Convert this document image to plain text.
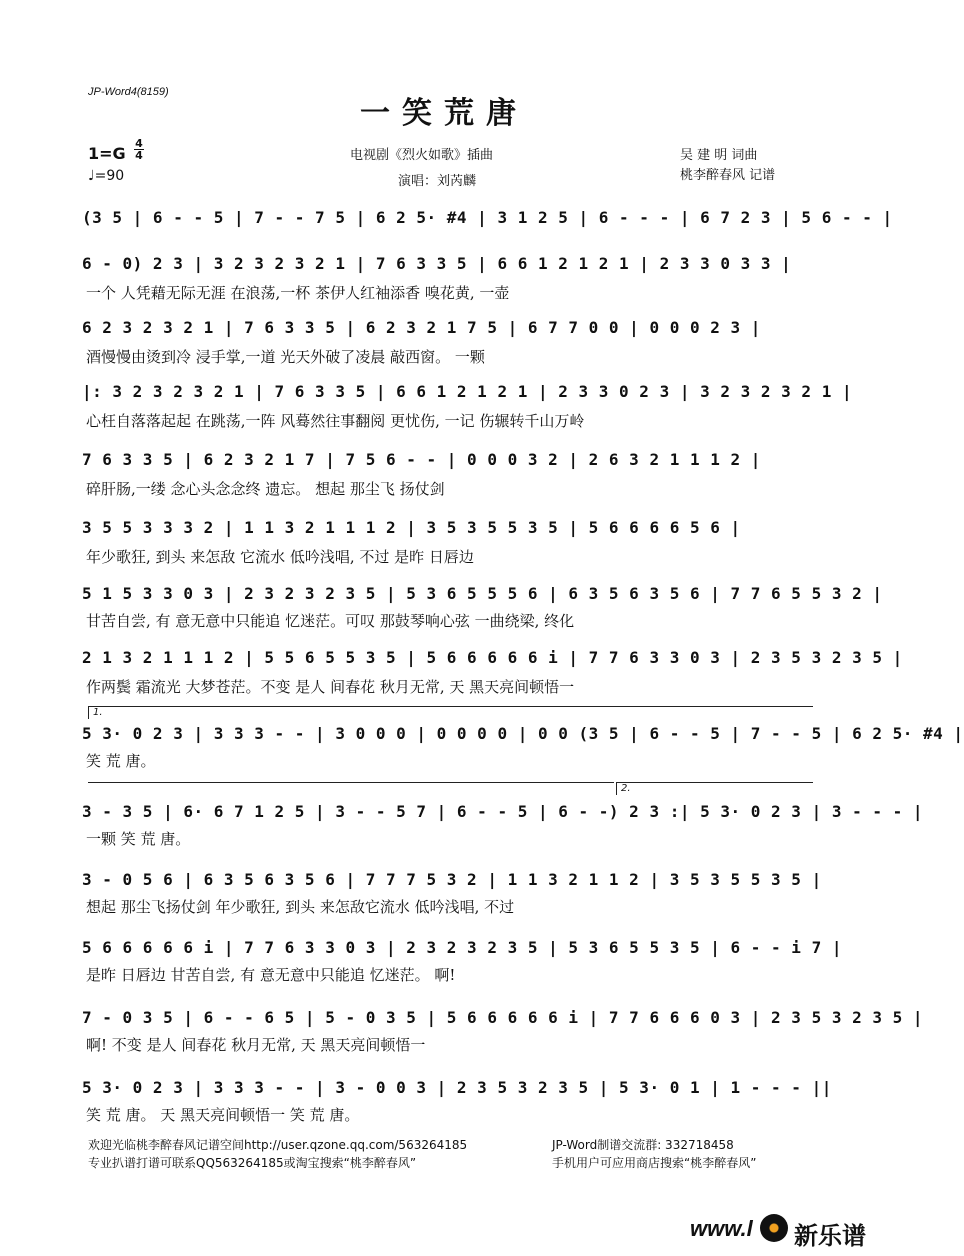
JP-Word4(8159)
一笑荒唐
1=G
4
4
♩=90
电视剧《烈火如歌》插曲
演唱：刘芮麟
吴 建 明 词曲
桃李醉春风 记谱
(3 5 | 6 - - 5 | 7 - - 7 5 | 6 2 5· #4 | 3 1 2 5 | 6 - - - | 6 7 2 3 | 5 6 - - |
6 - 0) 2 3 | 3 2 3 2 3 2 1 | 7 6 3 3 5 | 6 6 1 2 1 2 1 | 2 3 3 0 3 3 |
一个 人凭藉无际无涯 在浪荡,一杯 茶伊人红袖添香 嗅花黄, 一壶
6 2 3 2 3 2 1 | 7 6 3 3 5 | 6 2 3 2 1 7 5 | 6 7 7 0 0 | 0 0 0 2 3 |
酒慢慢由烫到冷 浸手掌,一道 光天外破了凌晨 敲西窗。 一颗
|: 3 2 3 2 3 2 1 | 7 6 3 3 5 | 6 6 1 2 1 2 1 | 2 3 3 0 2 3 | 3 2 3 2 3 2 1 |
心枉自落落起起 在跳荡,一阵 风蓦然往事翻阅 更忧伤, 一记 伤辗转千山万岭
7 6 3 3 5 | 6 2 3 2 1 7 | 7 5 6 - - | 0 0 0 3 2 | 2 6 3 2 1 1 1 2 |
碎肝肠,一缕 念心头念念终 遗忘。 想起 那尘飞 扬仗剑
3 5 5 3 3 3 2 | 1 1 3 2 1 1 1 2 | 3 5 3 5 5 3 5 | 5 6 6 6 6 5 6 |
年少歌狂, 到头 来怎敌 它流水 低吟浅唱, 不过 是昨 日唇边
5 1 5 3 3 0 3 | 2 3 2 3 2 3 5 | 5 3 6 5 5 5 6 | 6 3 5 6 3 5 6 | 7 7 6 5 5 3 2 |
甘苦自尝, 有 意无意中只能追 忆迷茫。可叹 那鼓琴响心弦 一曲绕梁, 终化
2 1 3 2 1 1 1 2 | 5 5 6 5 5 3 5 | 5 6 6 6 6 6 i | 7 7 6 3 3 0 3 | 2 3 5 3 2 3 5 |
作两鬓 霜流光 大梦苍茫。不变 是人 间春花 秋月无常, 天 黑天亮间顿悟一
1.
5 3· 0 2 3 | 3 3 3 - - | 3 0 0 0 | 0 0 0 0 | 0 0 (3 5 | 6 - - 5 | 7 - - 5 | 6 2 5· #4 |
笑 荒 唐。
2.
3 - 3 5 | 6· 6 7 1 2 5 | 3 - - 5 7 | 6 - - 5 | 6 - -) 2 3 :| 5 3· 0 2 3 | 3 - - - |
一颗 笑 荒 唐。
3 - 0 5 6 | 6 3 5 6 3 5 6 | 7 7 7 5 3 2 | 1 1 3 2 1 1 2 | 3 5 3 5 5 3 5 |
想起 那尘飞扬仗剑 年少歌狂, 到头 来怎敌它流水 低吟浅唱, 不过
5 6 6 6 6 6 i | 7 7 6 3 3 0 3 | 2 3 2 3 2 3 5 | 5 3 6 5 5 3 5 | 6 - - i 7 |
是昨 日唇边 甘苦自尝, 有 意无意中只能追 忆迷茫。 啊!
7 - 0 3 5 | 6 - - 6 5 | 5 - 0 3 5 | 5 6 6 6 6 6 i | 7 7 6 6 6 0 3 | 2 3 5 3 2 3 5 |
啊! 不变 是人 间春花 秋月无常, 天 黑天亮间顿悟一
5 3· 0 2 3 | 3 3 3 - - | 3 - 0 0 3 | 2 3 5 3 2 3 5 | 5 3· 0 1 | 1 - - - ||
笑 荒 唐。 天 黑天亮间顿悟一 笑 荒 唐。
欢迎光临桃李醉春风记谱空间http://user.qzone.qq.com/563264185	JP-Word制谱交流群: 332718458
专业扒谱打谱可联系QQ563264185或淘宝搜索“桃李醉春风”	手机用户可应用商店搜索“桃李醉春风”
www.l 新乐谱
